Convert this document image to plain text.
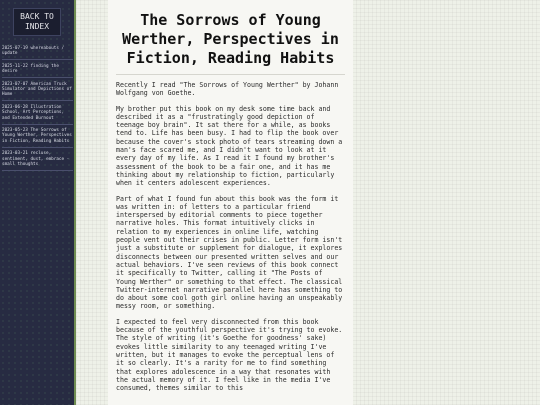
BACK TO INDEX
2025-07-19 whereabouts / update
2025-11-22 finding the desire
2023-07-07 American Truck Simulator and Depictions of Home
2023-06-28 Illustration School, Art Perceptions, and Extended Burnout
2023-05-23 The Sorrows of Young Werther, Perspectives in Fiction, Reading Habits
2023-03-21 recluse, sentiment, dust, embrace - small thoughts
The Sorrows of Young Werther, Perspectives in Fiction, Reading Habits

Recently I read "The Sorrows of Young Werther" by Johann Wolfgang von Goethe.

My brother put this book on my desk some time back and described it as a "frustratingly good depiction of teenage boy brain". It sat there for a while, as books tend to. Life has been busy. I had to flip the book over because the cover's stock photo of tears streaming down a man's face scared me, and I didn't want to look at it every day of my life. As I read it I found my brother's assessment of the book to be a fair one, and it has me thinking about my relationship to fiction, particularly when it centers adolescent experiences.

Part of what I found fun about this book was the form it was written in: of letters to a particular friend interspersed by editorial comments to piece together narrative holes. This format intuitively clicks in relation to my experiences in online life, watching people vent out their crises in public. Letter form isn't just a substitute or supplement for dialogue, it explores disconnects between our presented written selves and our actual behaviors. I've seen reviews of this book connect it specifically to Twitter, calling it "The Posts of Young Werther" or something to that effect. The classical Twitter-internet narrative parallel here has something to do about some cool goth girl online having an unspeakably messy room, or something.

I expected to feel very disconnected from this book because of the youthful perspective it's trying to evoke. The style of writing (it's Goethe for goodness' sake) evokes little similarity to any teenaged writing I've written, but it manages to evoke the perceptual lens of it so clearly. It's a rarity for me to find something that explores adolescence in a way that resonates with the actual memory of it. I feel like in the media I've consumed, themes similar to this
